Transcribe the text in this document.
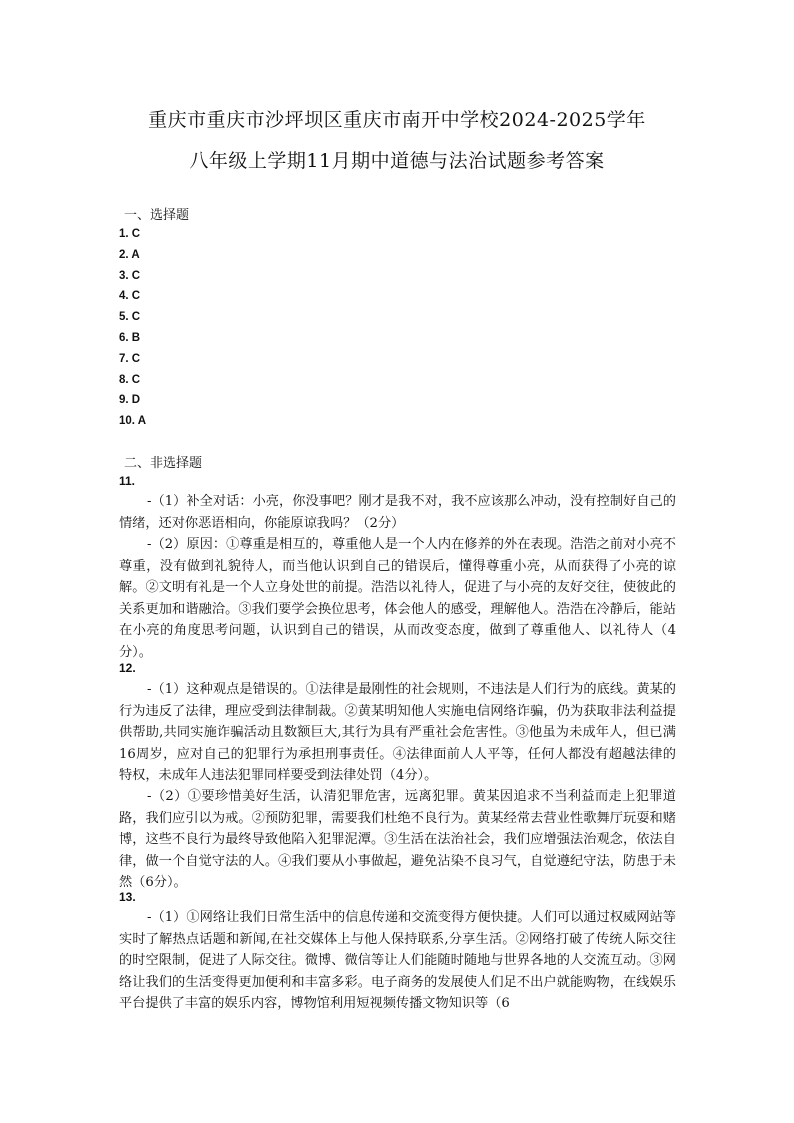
重庆市重庆市沙坪坝区重庆市南开中学校2024-2025学年
八年级上学期11月期中道德与法治试题参考答案
一、选择题
1. C
2. A
3. C
4. C
5. C
6. B
7. C
8. C
9. D
10. A
二、非选择题
11.

-（1）补全对话：小亮，你没事吧？刚才是我不对，我不应该那么冲动，没有控制好自己的情绪，还对你恶语相向，你能原谅我吗？（2分）

-（2）原因：①尊重是相互的，尊重他人是一个人内在修养的外在表现。浩浩之前对小亮不尊重，没有做到礼貌待人，而当他认识到自己的错误后，懂得尊重小亮，从而获得了小亮的谅解。②文明有礼是一个人立身处世的前提。浩浩以礼待人，促进了与小亮的友好交往，使彼此的关系更加和谐融洽。③我们要学会换位思考，体会他人的感受，理解他人。浩浩在冷静后，能站在小亮的角度思考问题，认识到自己的错误，从而改变态度，做到了尊重他人、以礼待人（4分）。

12.

-（1）这种观点是错误的。①法律是最刚性的社会规则，不违法是人们行为的底线。黄某的行为违反了法律，理应受到法律制裁。②黄某明知他人实施电信网络诈骗，仍为获取非法利益提供帮助,共同实施诈骗活动且数额巨大,其行为具有严重社会危害性。③他虽为未成年人，但已满16周岁，应对自己的犯罪行为承担刑事责任。④法律面前人人平等，任何人都没有超越法律的特权，未成年人违法犯罪同样要受到法律处罚（4分）。

-（2）①要珍惜美好生活，认清犯罪危害，远离犯罪。黄某因追求不当利益而走上犯罪道路，我们应引以为戒。②预防犯罪，需要我们杜绝不良行为。黄某经常去营业性歌舞厅玩耍和赌博，这些不良行为最终导致他陷入犯罪泥潭。③生活在法治社会，我们应增强法治观念，依法自律，做一个自觉守法的人。④我们要从小事做起，避免沾染不良习气，自觉遵纪守法，防患于未然（6分）。

13.

-（1）①网络让我们日常生活中的信息传递和交流变得方便快捷。人们可以通过权威网站等实时了解热点话题和新闻,在社交媒体上与他人保持联系,分享生活。②网络打破了传统人际交往的时空限制，促进了人际交往。微博、微信等让人们能随时随地与世界各地的人交流互动。③网络让我们的生活变得更加便利和丰富多彩。电子商务的发展使人们足不出户就能购物，在线娱乐平台提供了丰富的娱乐内容，博物馆利用短视频传播文物知识等（6
